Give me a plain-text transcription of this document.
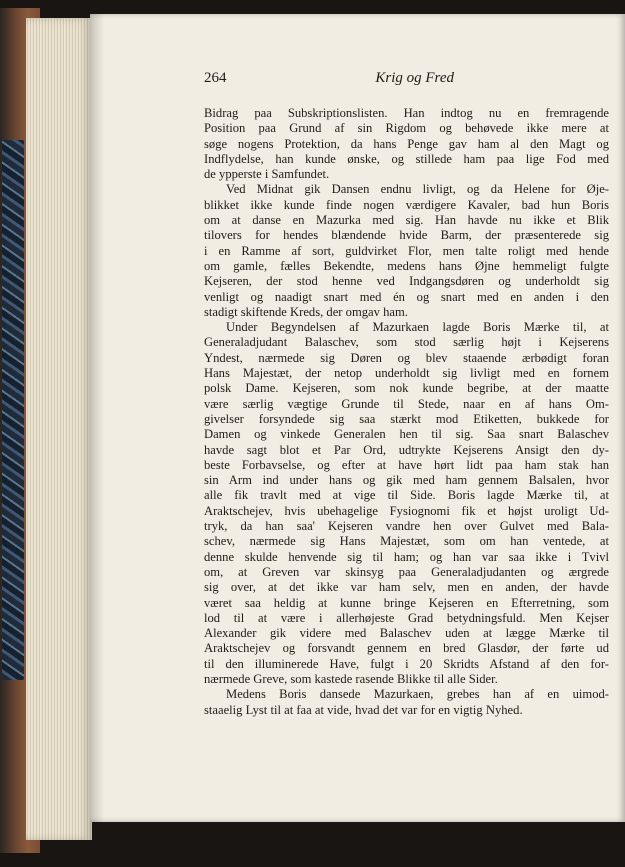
264	Krig og Fred
Bidrag paa Subskriptionslisten. Han indtog nu en fremragende
Position paa Grund af sin Rigdom og behøvede ikke mere at
søge nogens Protektion, da hans Penge gav ham al den Magt og
Indflydelse, han kunde ønske, og stillede ham paa lige Fod med
de ypperste i Samfundet.
Ved Midnat gik Dansen endnu livligt, og da Helene for Øje-
blikket ikke kunde finde nogen værdigere Kavaler, bad hun Boris
om at danse en Mazurka med sig. Han havde nu ikke et Blik
tilovers for hendes blændende hvide Barm, der præsenterede sig
i en Ramme af sort, guldvirket Flor, men talte roligt med hende
om gamle, fælles Bekendte, medens hans Øjne hemmeligt fulgte
Kejseren, der stod henne ved Indgangsdøren og underholdt sig
venligt og naadigt snart med én og snart med en anden i den
stadigt skiftende Kreds, der omgav ham.
Under Begyndelsen af Mazurkaen lagde Boris Mærke til, at
Generaladjudant Balaschev, som stod særlig højt i Kejserens
Yndest, nærmede sig Døren og blev staaende ærbødigt foran
Hans Majestæt, der netop underholdt sig livligt med en fornem
polsk Dame. Kejseren, som nok kunde begribe, at der maatte
være særlig vægtige Grunde til Stede, naar en af hans Om-
givelser forsyndede sig saa stærkt mod Etiketten, bukkede for
Damen og vinkede Generalen hen til sig. Saa snart Balaschev
havde sagt blot et Par Ord, udtrykte Kejserens Ansigt den dy-
beste Forbavselse, og efter at have hørt lidt paa ham stak han
sin Arm ind under hans og gik med ham gennem Balsalen, hvor
alle fik travlt med at vige til Side. Boris lagde Mærke til, at
Araktschejev, hvis ubehagelige Fysiognomi fik et højst uroligt Ud-
tryk, da han saa' Kejseren vandre hen over Gulvet med Bala-
schev, nærmede sig Hans Majestæt, som om han ventede, at
denne skulde henvende sig til ham; og han var saa ikke i Tvivl
om, at Greven var skinsyg paa Generaladjudanten og ærgrede
sig over, at det ikke var ham selv, men en anden, der havde
været saa heldig at kunne bringe Kejseren en Efterretning, som
lod til at være i allerhøjeste Grad betydningsfuld. Men Kejser
Alexander gik videre med Balaschev uden at lægge Mærke til
Araktschejev og forsvandt gennem en bred Glasdør, der førte ud
til den illuminerede Have, fulgt i 20 Skridts Afstand af den for-
nærmede Greve, som kastede rasende Blikke til alle Sider.
Medens Boris dansede Mazurkaen, grebes han af en uimod-
staaelig Lyst til at faa at vide, hvad det var for en vigtig Nyhed.
